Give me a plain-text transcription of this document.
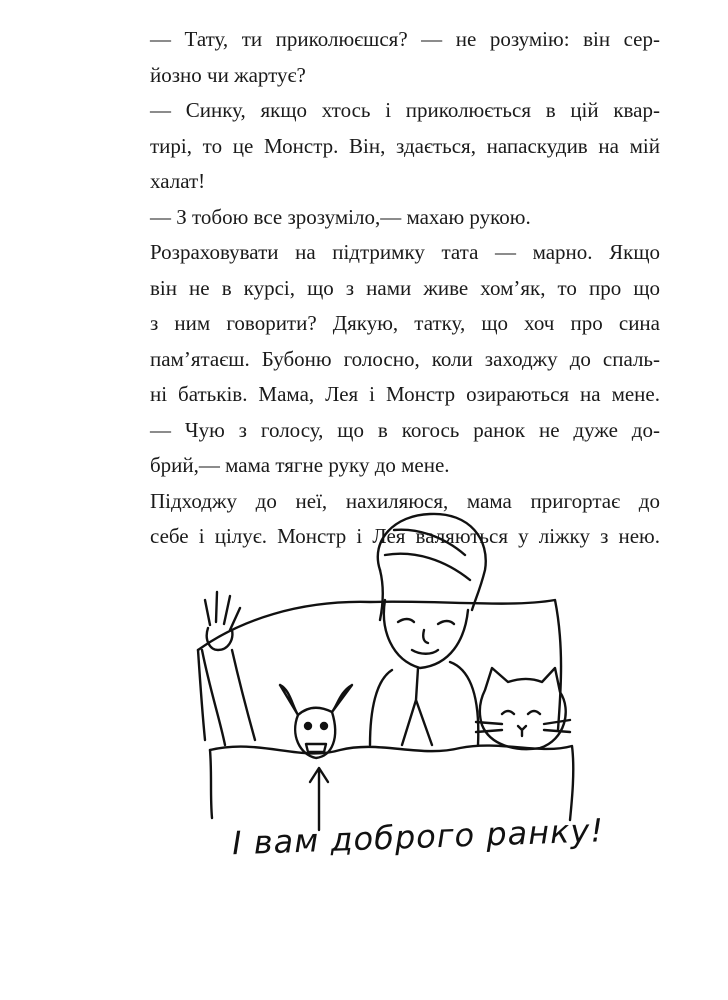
— Тату, ти приколюєшся? — не розумію: він сер-
йозно чи жартує?
— Синку, якщо хтось і приколюється в цій квар-
тирі, то це Монстр. Він, здається, напаскудив на мій
халат!
— З тобою все зрозуміло,— махаю рукою.
Розраховувати на підтримку тата — марно. Якщо
він не в курсі, що з нами живе хом’як, то про що
з ним говорити? Дякую, татку, що хоч про сина
пам’ятаєш. Бубоню голосно, коли заходжу до спаль-
ні батьків. Мама, Лея і Монстр озираються на мене.
— Чую з голосу, що в когось ранок не дуже до-
брий,— мама тягне руку до мене.
Підходжу до неї, нахиляюся, мама пригортає до
себе і цілує. Монстр і Лея валяються у ліжку з нею.
І вам доброго ранку!
